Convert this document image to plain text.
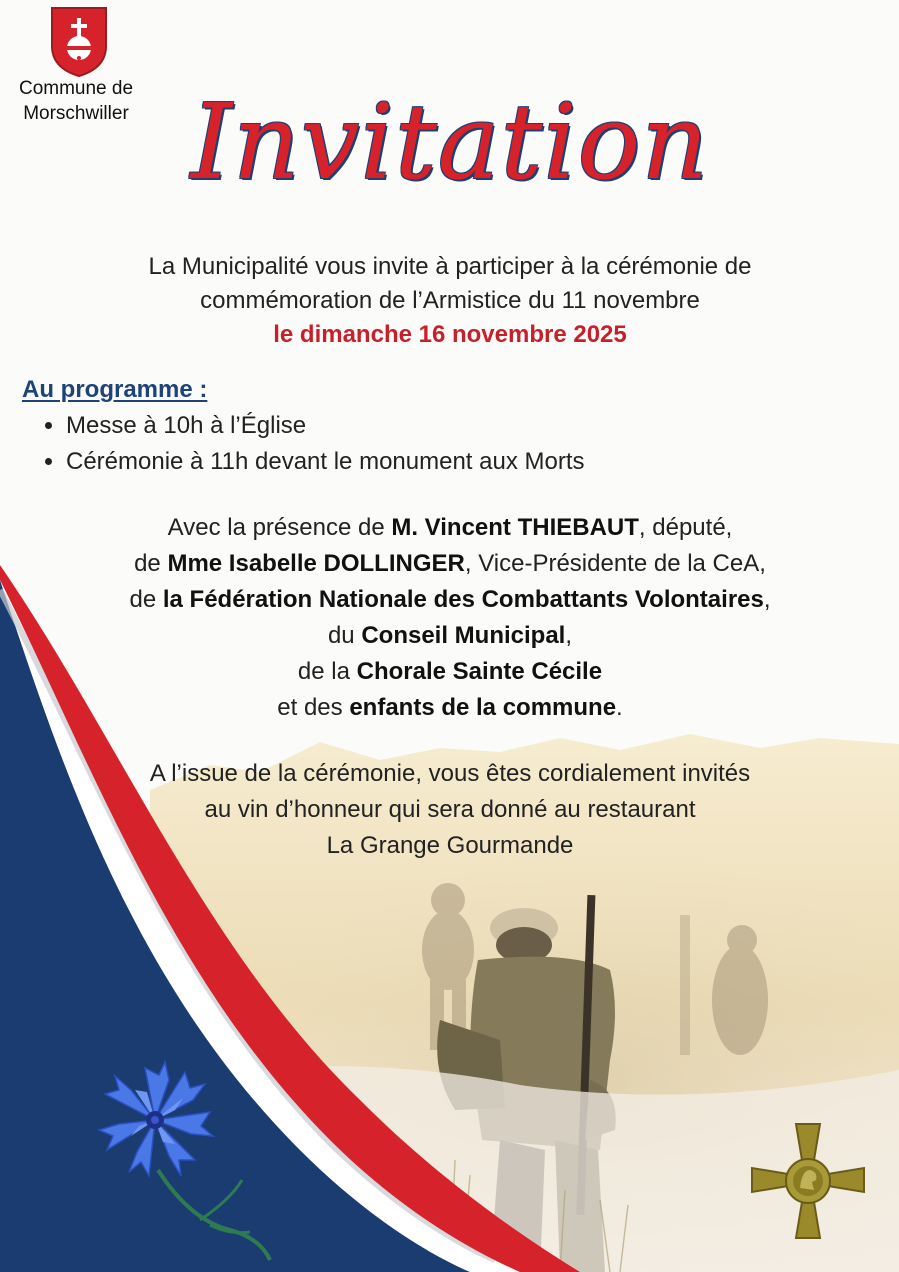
Commune de
Morschwiller Invitation
La Municipalité vous invite à participer à la cérémonie de
commémoration de l’Armistice du 11 novembre
le dimanche 16 novembre 2025
Au programme :
• Messe à 10h à l’Église
• Cérémonie à 11h devant le monument aux Morts

Avec la présence de M. Vincent THIEBAUT, député,

de Mme Isabelle DOLLINGER, Vice-Présidente de la CeA,

de la Fédération Nationale des Combattants Volontaires,

du Conseil Municipal,

de la Chorale Sainte Cécile

et des enfants de la commune.

A l’issue de la cérémonie, vous êtes cordialement invités
au vin d’honneur qui sera donné au restaurant
La Grange Gourmande
